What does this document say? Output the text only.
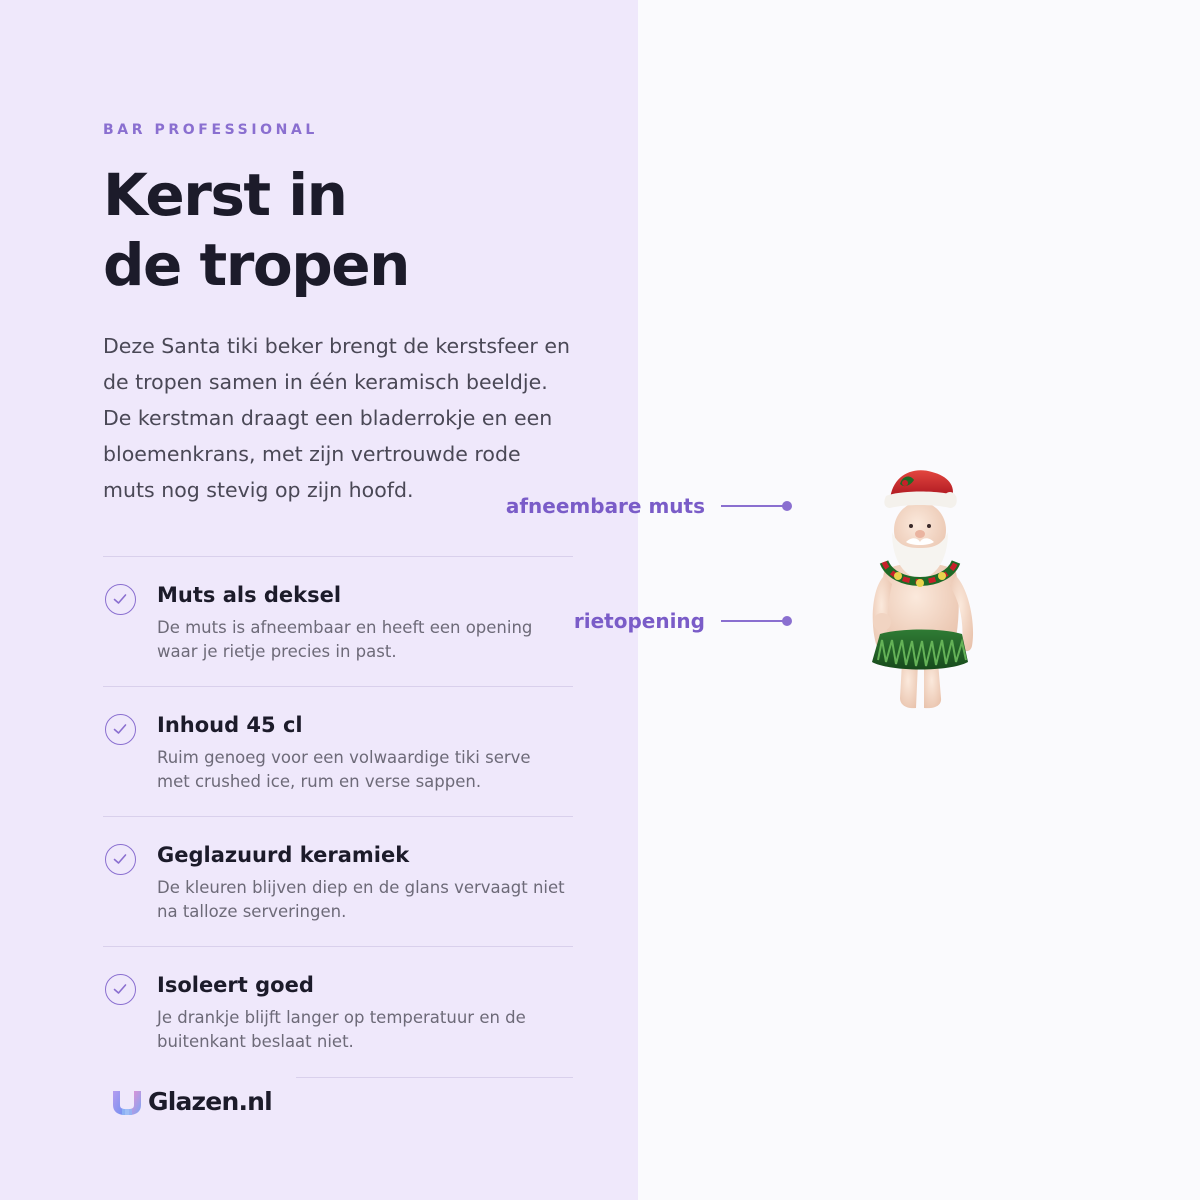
BAR PROFESSIONAL
Kerst in
de tropen

Deze Santa tiki beker brengt de kerstsfeer en de tropen samen in één keramisch beeldje. De kerstman draagt een bladerrokje en een bloemenkrans, met zijn vertrouwde rode muts nog stevig op zijn hoofd.

Muts als deksel
De muts is afneembaar en heeft een opening waar je rietje precies in past.
Inhoud 45 cl
Ruim genoeg voor een volwaardige tiki serve met crushed ice, rum en verse sappen.
Geglazuurd keramiek
De kleuren blijven diep en de glans vervaagt niet na talloze serveringen.
Isoleert goed
Je drankje blijft langer op temperatuur en de buitenkant beslaat niet.
Glazen.nl
afneembare muts
rietopening
